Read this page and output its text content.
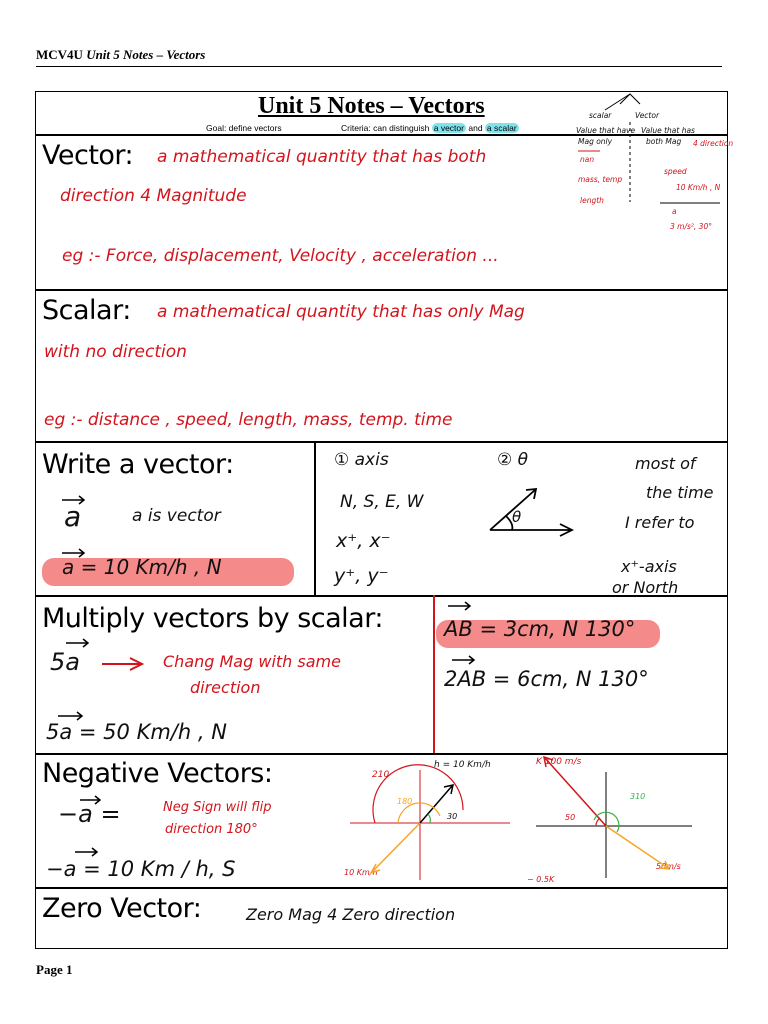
MCV4U Unit 5 Notes – Vectors
Unit 5 Notes – Vectors
Goal: define vectors	Criteria: can distinguish a vector and a scalar
scalar	Vector
Value that have
Mag only
Value that has
both Mag 4 direction
nan
mass, temp
length
speed
10 Km/h , N
a
3 m/s², 30°
Vector: a mathematical quantity that has both
direction 4 Magnitude
eg :- Force, displacement, Velocity , acceleration ...
Scalar: a mathematical quantity that has only Mag
with no direction
eg :- distance , speed, length, mass, temp. time
Write a vector:
a	a is vector
a = 10 Km/h , N
① axis	② θ
N, S, E, W
x⁺, x⁻
y⁺, y⁻
θ
most of
the time
I refer to
x⁺-axis
or North
Multiply vectors by scalar:
5a	Chang Mag with same
direction
5a = 50 Km/h , N
AB = 3cm, N 130°
2AB = 6cm, N 130°
Negative Vectors:
−a =	Neg Sign will flip
direction 180°
−a = 10 Km / h, S
h = 10 Km/h
210
180
30
10 Km/h
K 100 m/s
310
50
50m/s
− 0.5K
Zero Vector:	Zero Mag 4 Zero direction
Page 1
